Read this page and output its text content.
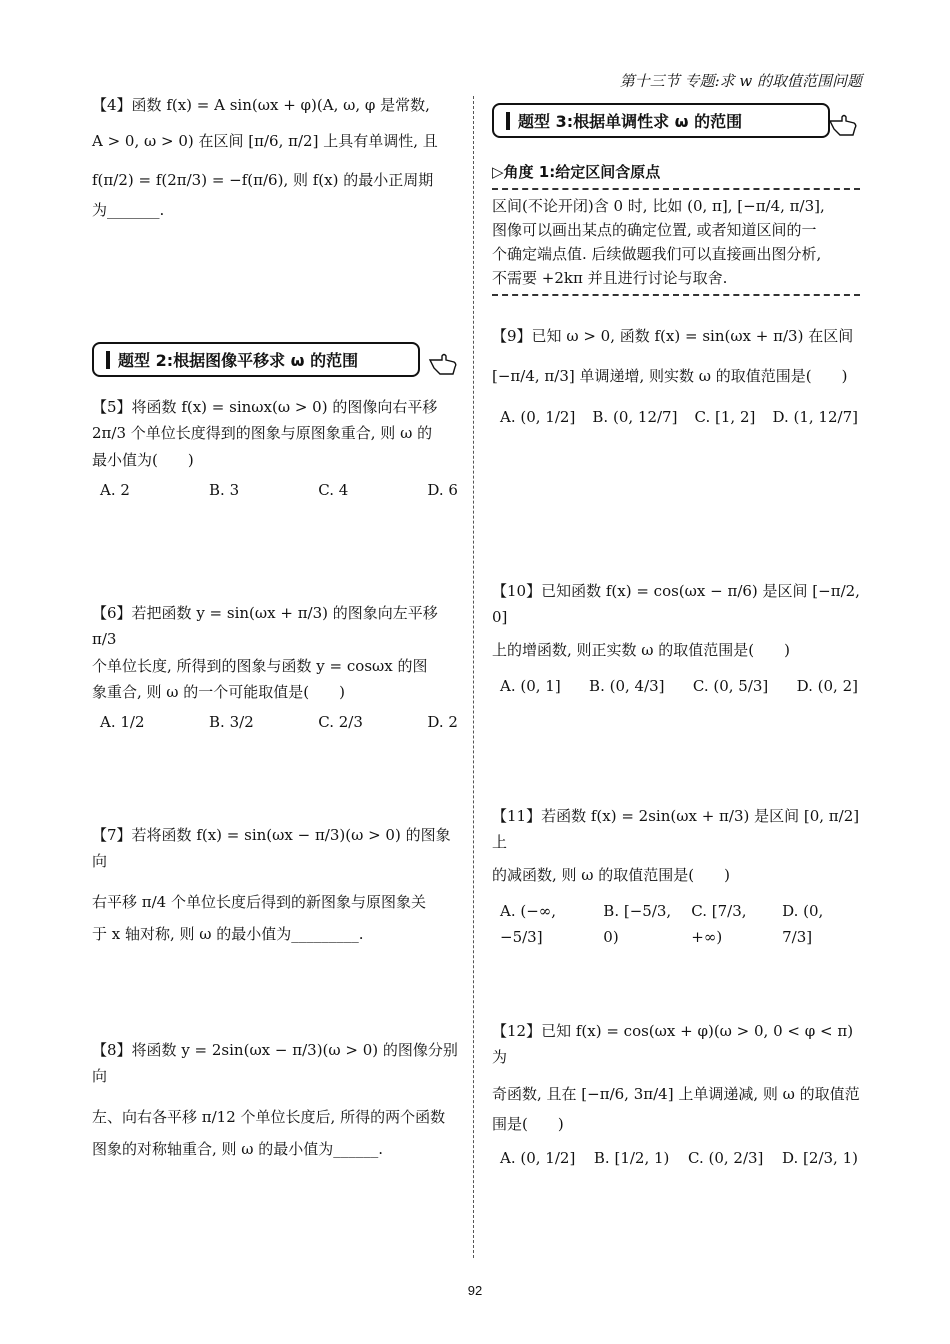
第十三节 专题:求 w 的取值范围问题
【4】函数 f(x) = A sin(ωx + φ)(A, ω, φ 是常数,
A > 0, ω > 0) 在区间 [π/6, π/2] 上具有单调性, 且
f(π/2) = f(2π/3) = −f(π/6), 则 f(x) 的最小正周期
为_______.
题型 2:根据图像平移求 ω 的范围
【5】将函数 f(x) = sinωx(ω > 0) 的图像向右平移
2π/3 个单位长度得到的图象与原图象重合, 则 ω 的
最小值为(　　)
A. 2	B. 3	C. 4	D. 6
【6】若把函数 y = sin(ωx + π/3) 的图象向左平移 π/3
个单位长度, 所得到的图象与函数 y = cosωx 的图
象重合, 则 ω 的一个可能取值是(　　)
A. 1/2	B. 3/2	C. 2/3	D. 2
【7】若将函数 f(x) = sin(ωx − π/3)(ω > 0) 的图象向
右平移 π/4 个单位长度后得到的新图象与原图象关
于 x 轴对称, 则 ω 的最小值为_________.
【8】将函数 y = 2sin(ωx − π/3)(ω > 0) 的图像分别向
左、向右各平移 π/12 个单位长度后, 所得的两个函数
图象的对称轴重合, 则 ω 的最小值为______.
题型 3:根据单调性求 ω 的范围
▷角度 1:给定区间含原点
区间(不论开闭)含 0 时, 比如 (0, π], [−π/4, π/3],
图像可以画出某点的确定位置, 或者知道区间的一
个确定端点值. 后续做题我们可以直接画出图分析,
不需要 +2kπ 并且进行讨论与取舍.
【9】已知 ω > 0, 函数 f(x) = sin(ωx + π/3) 在区间
[−π/4, π/3] 单调递增, 则实数 ω 的取值范围是(　　)
A. (0, 1/2] B. (0, 12/7] C. [1, 2] D. (1, 12/7]
【10】已知函数 f(x) = cos(ωx − π/6) 是区间 [−π/2, 0]
上的增函数, 则正实数 ω 的取值范围是(　　)
A. (0, 1] B. (0, 4/3] C. (0, 5/3] D. (0, 2]
【11】若函数 f(x) = 2sin(ωx + π/3) 是区间 [0, π/2] 上
的减函数, 则 ω 的取值范围是(　　)
A. (−∞, −5/3]
B. [−5/3, 0)
C. [7/3, +∞)
D. (0, 7/3]
【12】已知 f(x) = cos(ωx + φ)(ω > 0, 0 < φ < π) 为
奇函数, 且在 [−π/6, 3π/4] 上单调递减, 则 ω 的取值范
围是(　　)
A. (0, 1/2] B. [1/2, 1) C. (0, 2/3] D. [2/3, 1)
92
